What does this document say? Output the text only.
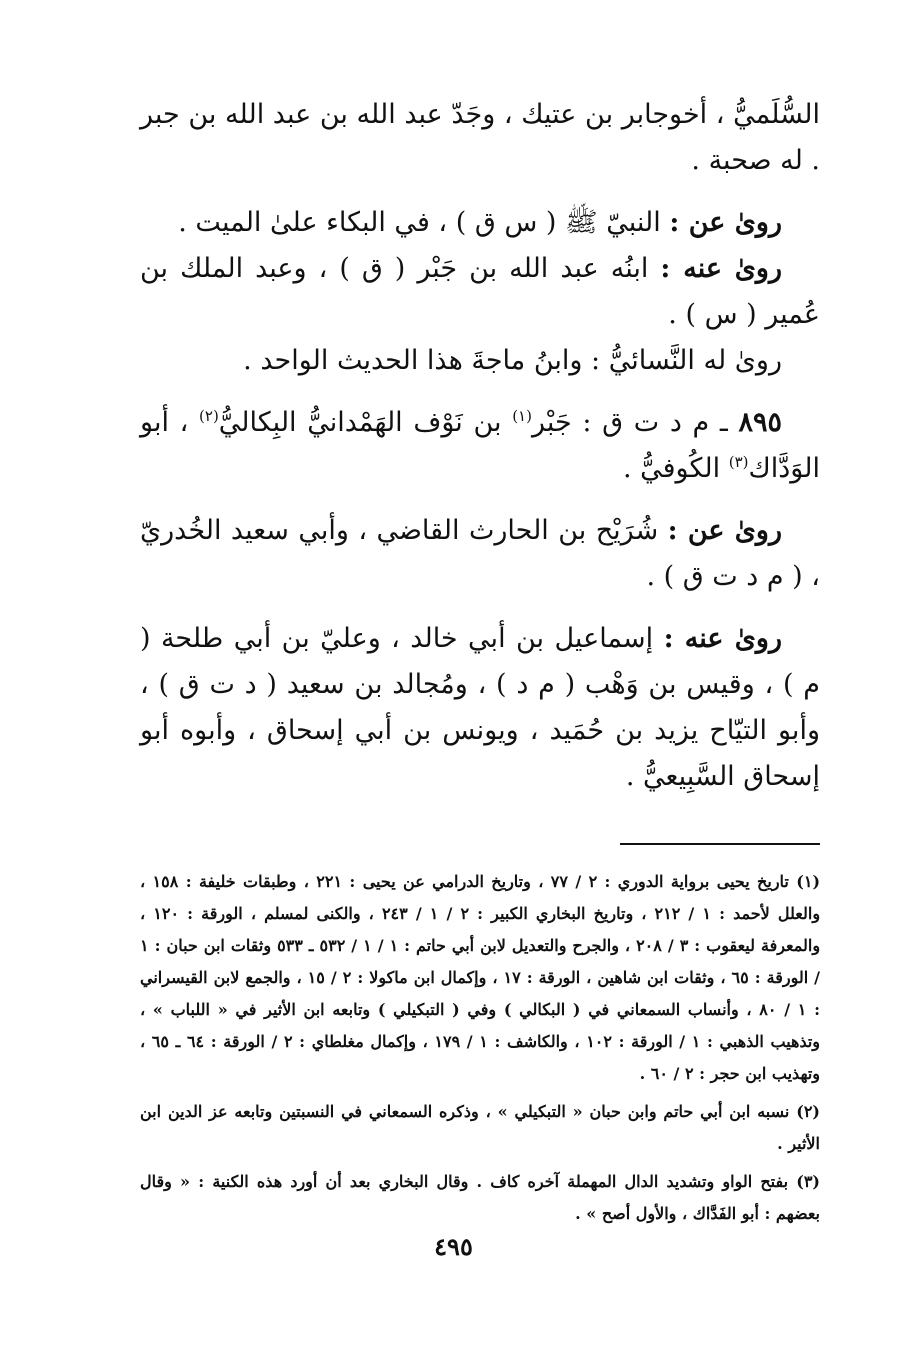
السُّلَميُّ ، أخوجابر بن عتيك ، وجَدّ عبد الله بن عبد الله بن جبر . له صحبة .

روىٰ عن : النبيّ ﷺ ( س ق ) ، في البكاء علىٰ الميت .

روىٰ عنه : ابنُه عبد الله بن جَبْر ( ق ) ، وعبد الملك بن عُمير ( س ) .

روىٰ له النَّسائيُّ : وابنُ ماجةَ هذا الحديث الواحد .

٨٩٥ ـ م د ت ق : جَبْر$^{(١)}$ بن نَوْف الهَمْدانيُّ البِكاليُّ$^{(٢)}$ ، أبو الوَدَّاك$^{(٣)}$ الكُوفيُّ .

روىٰ عن : شُرَيْح بن الحارث القاضي ، وأبي سعيد الخُدريّ ، ( م د ت ق ) .

روىٰ عنه : إسماعيل بن أبي خالد ، وعليّ بن أبي طلحة ( م ) ، وقيس بن وَهْب ( م د ) ، ومُجالد بن سعيد ( د ت ق ) ، وأبو التيّاح يزيد بن حُمَيد ، ويونس بن أبي إسحاق ، وأبوه أبو إسحاق السَّبِيعيُّ .

(١) تاريخ يحيى برواية الدوري : ٢ / ٧٧ ، وتاريخ الدرامي عن يحيى : ٢٢١ ، وطبقات خليفة : ١٥٨ ، والعلل لأحمد : ١ / ٢١٢ ، وتاريخ البخاري الكبير : ٢ / ١ / ٢٤٣ ، والكنى لمسلم ، الورقة : ١٢٠ ، والمعرفة ليعقوب : ٣ / ٢٠٨ ، والجرح والتعديل لابن أبي حاتم : ١ / ١ / ٥٣٢ ـ ٥٣٣ وثقات ابن حبان : ١ / الورقة : ٦٥ ، وثقات ابن شاهين ، الورقة : ١٧ ، وإكمال ابن ماكولا : ٢ / ١٥ ، والجمع لابن القيسراني : ١ / ٨٠ ، وأنساب السمعاني في ( البكالي ) وفي ( التبكيلي ) وتابعه ابن الأثير في « اللباب » ، وتذهيب الذهبي : ١ / الورقة : ١٠٢ ، والكاشف : ١ / ١٧٩ ، وإكمال مغلطاي : ٢ / الورقة : ٦٤ ـ ٦٥ ، وتهذيب ابن حجر : ٢ / ٦٠ .

(٢) نسبه ابن أبي حاتم وابن حبان « التبكيلي » ، وذكره السمعاني في النسبتين وتابعه عز الدين ابن الأثير .

(٣) بفتح الواو وتشديد الدال المهملة آخره كاف . وقال البخاري بعد أن أورد هذه الكنية : « وقال بعضهم : أبو الفَدَّاك ، والأول أصح » .

٤٩٥
